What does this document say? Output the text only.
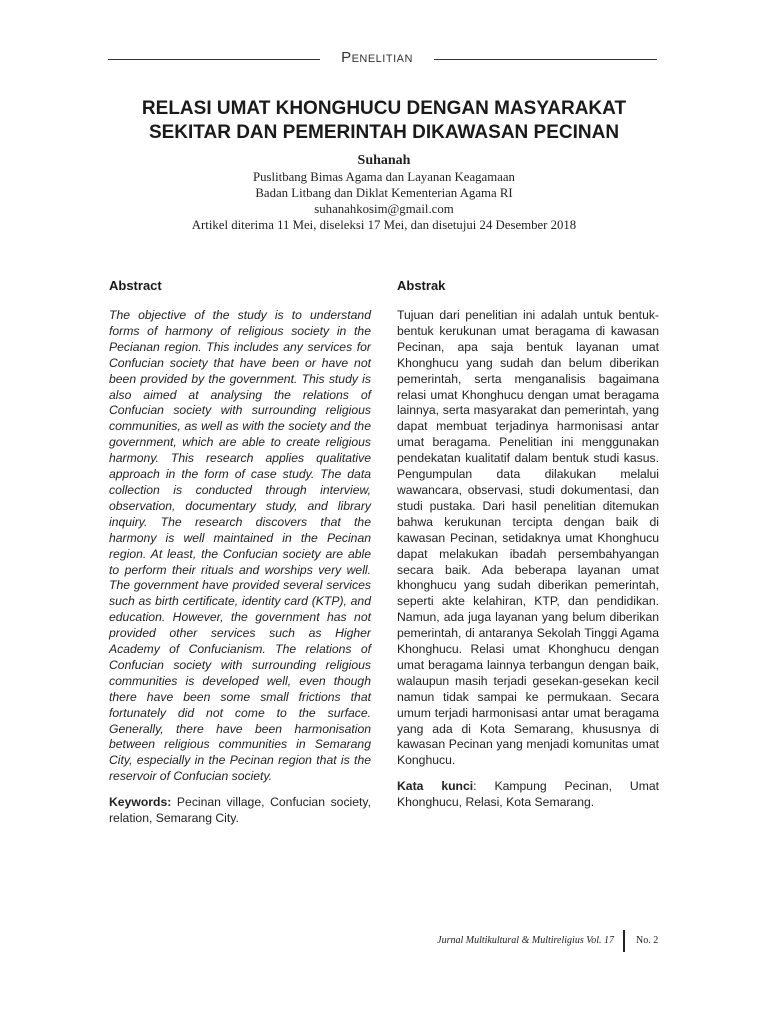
Penelitian
RELASI UMAT KHONGHUCU DENGAN MASYARAKAT
SEKITAR DAN PEMERINTAH DIKAWASAN PECINAN
Suhanah
Puslitbang Bimas Agama dan Layanan Keagamaan
Badan Litbang dan Diklat Kementerian Agama RI
suhanahkosim@gmail.com
Artikel diterima 11 Mei, diseleksi 17 Mei, dan disetujui 24 Desember 2018
Abstract

The objective of the study is to understand forms of harmony of religious society in the Pecianan region. This includes any services for Confucian society that have been or have not been provided by the government. This study is also aimed at analysing the relations of Confucian society with surrounding religious communities, as well as with the society and the government, which are able to create religious harmony. This research applies qualitative approach in the form of case study. The data collection is conducted through interview, observation, documentary study, and library inquiry. The research discovers that the harmony is well maintained in the Pecinan region. At least, the Confucian society are able to perform their rituals and worships very well. The government have provided several services such as birth certificate, identity card (KTP), and education. However, the government has not provided other services such as Higher Academy of Confucianism. The relations of Confucian society with surrounding religious communities is developed well, even though there have been some small frictions that fortunately did not come to the surface. Generally, there have been harmonisation between religious communities in Semarang City, especially in the Pecinan region that is the reservoir of Confucian society.

Keywords: Pecinan village, Confucian society, relation, Semarang City.

Abstrak

Tujuan dari penelitian ini adalah untuk bentuk-bentuk kerukunan umat beragama di kawasan Pecinan, apa saja bentuk layanan umat Khonghucu yang sudah dan belum diberikan pemerintah, serta menganalisis bagaimana relasi umat Khonghucu dengan umat beragama lainnya, serta masyarakat dan pemerintah, yang dapat membuat terjadinya harmonisasi antar umat beragama. Penelitian ini menggunakan pendekatan kualitatif dalam bentuk studi kasus. Pengumpulan data dilakukan melalui wawancara, observasi, studi dokumentasi, dan studi pustaka. Dari hasil penelitian ditemukan bahwa kerukunan tercipta dengan baik di kawasan Pecinan, setidaknya umat Khonghucu dapat melakukan ibadah persembahyangan secara baik. Ada beberapa layanan umat khonghucu yang sudah diberikan pemerintah, seperti akte kelahiran, KTP, dan pendidikan. Namun, ada juga layanan yang belum diberikan pemerintah, di antaranya Sekolah Tinggi Agama Khonghucu. Relasi umat Khonghucu dengan umat beragama lainnya terbangun dengan baik, walaupun masih terjadi gesekan-gesekan kecil namun tidak sampai ke permukaan. Secara umum terjadi harmonisasi antar umat beragama yang ada di Kota Semarang, khususnya di kawasan Pecinan yang menjadi komunitas umat Konghucu.

Kata kunci: Kampung Pecinan, Umat Khonghucu, Relasi, Kota Semarang.

Jurnal Multikultural & Multireligius Vol. 17 No. 2
